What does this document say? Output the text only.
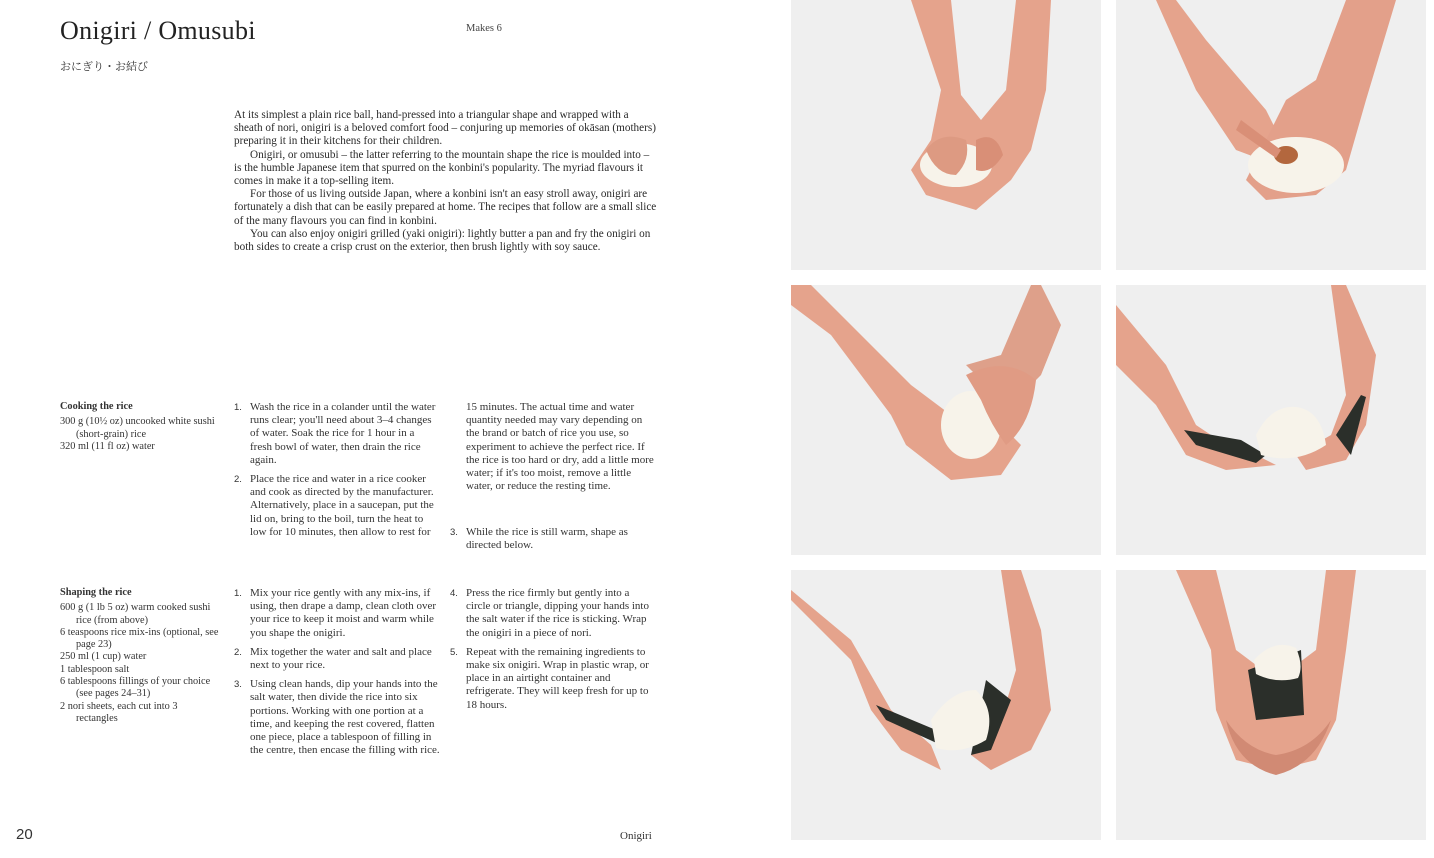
Onigiri / Omusubi
おにぎり・お結び
Makes 6

At its simplest a plain rice ball, hand-pressed into a triangular shape and wrapped with a sheath of nori, onigiri is a beloved comfort food – conjuring up memories of okāsan (mothers) preparing it in their kitchens for their children.

Onigiri, or omusubi – the latter referring to the mountain shape the rice is moulded into – is the humble Japanese item that spurred on the konbini's popularity. The myriad flavours it comes in make it a top-selling item.

For those of us living outside Japan, where a konbini isn't an easy stroll away, onigiri are fortunately a dish that can be easily prepared at home. The recipes that follow are a small slice of the many flavours you can find in konbini.

You can also enjoy onigiri grilled (yaki onigiri): lightly butter a pan and fry the onigiri on both sides to create a crisp crust on the exterior, then brush lightly with soy sauce.

Cooking the rice
300 g (10½ oz) uncooked white sushi (short-grain) rice
320 ml (11 fl oz) water
1. Wash the rice in a colander until the water runs clear; you'll need about 3–4 changes of water. Soak the rice for 1 hour in a fresh bowl of water, then drain the rice again.
2. Place the rice and water in a rice cooker and cook as directed by the manufacturer. Alternatively, place in a saucepan, put the lid on, bring to the boil, turn the heat to low for 10 minutes, then allow to rest for
15 minutes. The actual time and water quantity needed may vary depending on the brand or batch of rice you use, so experiment to achieve the perfect rice. If the rice is too hard or dry, add a little more water; if it's too moist, remove a little water, or reduce the resting time.
3. While the rice is still warm, shape as directed below.
Shaping the rice
600 g (1 lb 5 oz) warm cooked sushi rice (from above)
6 teaspoons rice mix-ins (optional, see page 23)
250 ml (1 cup) water
1 tablespoon salt
6 tablespoons fillings of your choice (see pages 24–31)
2 nori sheets, each cut into 3 rectangles
1. Mix your rice gently with any mix-ins, if using, then drape a damp, clean cloth over your rice to keep it moist and warm while you shape the onigiri.
2. Mix together the water and salt and place next to your rice.
3. Using clean hands, dip your hands into the salt water, then divide the rice into six portions. Working with one portion at a time, and keeping the rest covered, flatten one piece, place a tablespoon of filling in the centre, then encase the filling with rice.
4. Press the rice firmly but gently into a circle or triangle, dipping your hands into the salt water if the rice is sticking. Wrap the onigiri in a piece of nori.
5. Repeat with the remaining ingredients to make six onigiri. Wrap in plastic wrap, or place in an airtight container and refrigerate. They will keep fresh for up to 18 hours.
20	Onigiri
